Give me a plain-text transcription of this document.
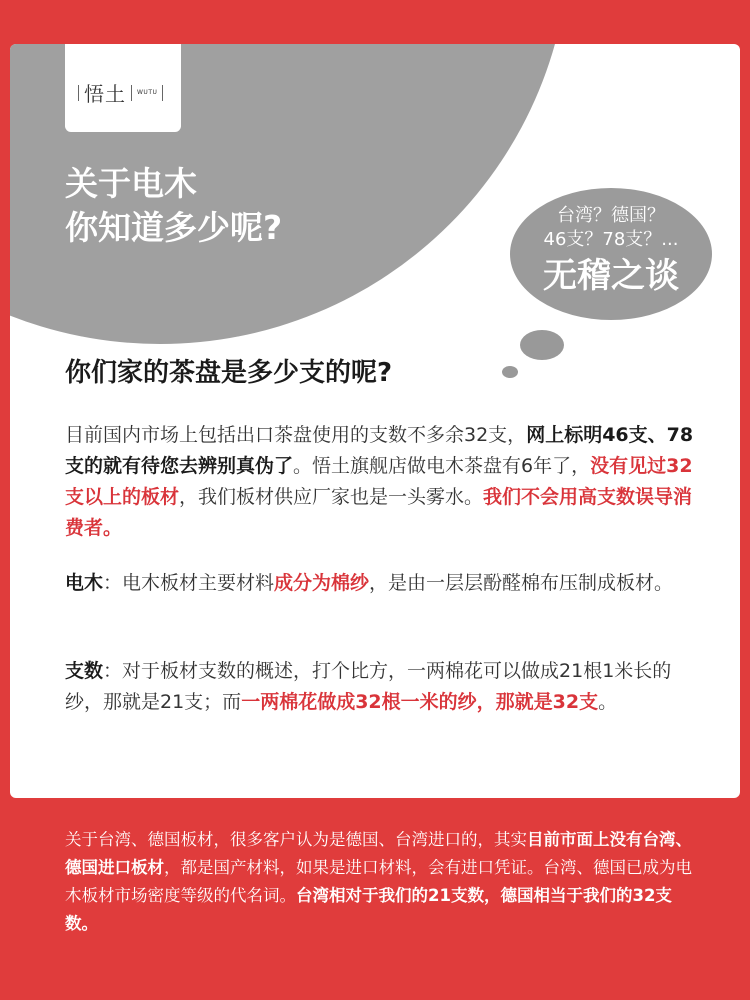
悟土 WUTU
关于电木
你知道多少呢?	台湾？德国？
46支？78支？...
无稽之谈
你们家的茶盘是多少支的呢?

目前国内市场上包括出口茶盘使用的支数不多余32支，网上标明46支、78支的就有待您去辨别真伪了。悟土旗舰店做电木茶盘有6年了，没有见过32支以上的板材，我们板材供应厂家也是一头雾水。我们不会用高支数误导消费者。

电木：电木板材主要材料成分为棉纱，是由一层层酚醛棉布压制成板材。

支数：对于板材支数的概述，打个比方，一两棉花可以做成21根1米长的纱，那就是21支；而一两棉花做成32根一米的纱，那就是32支。

关于台湾、德国板材，很多客户认为是德国、台湾进口的，其实目前市面上没有台湾、德国进口板材，都是国产材料，如果是进口材料，会有进口凭证。台湾、德国已成为电木板材市场密度等级的代名词。台湾相对于我们的21支数，德国相当于我们的32支数。
